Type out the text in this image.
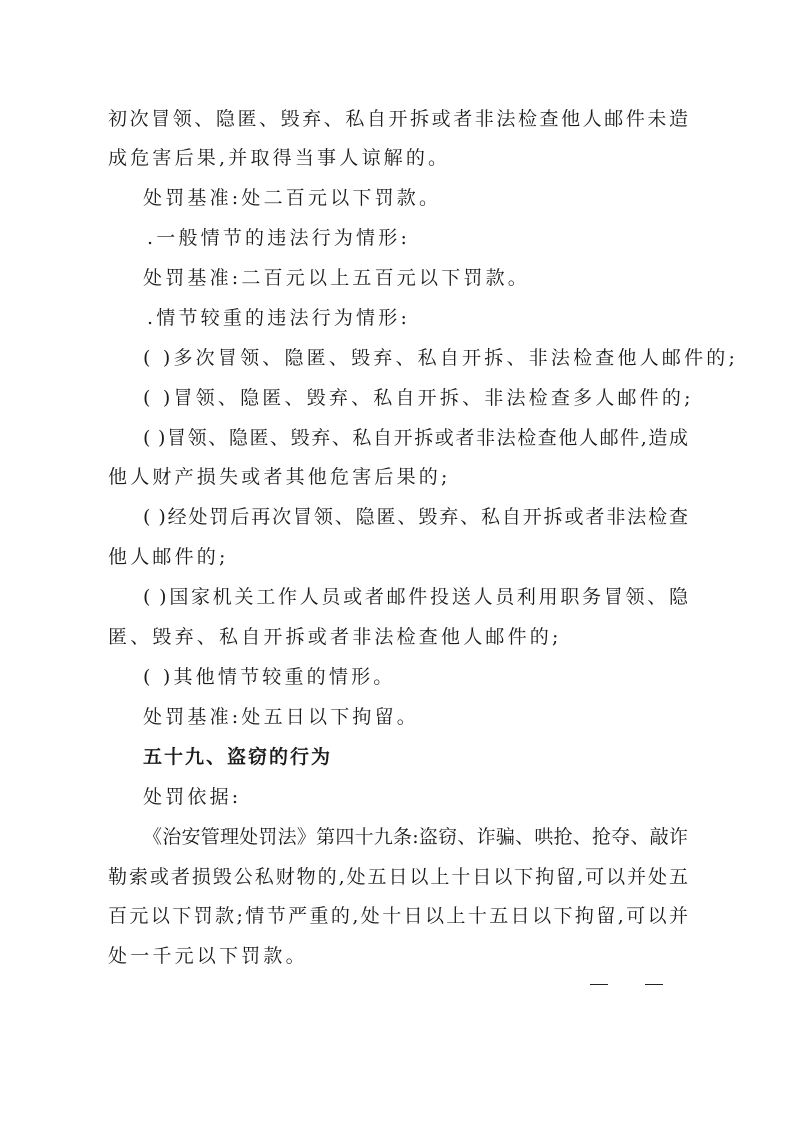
初次冒领、隐匿、毁弃、私自开拆或者非法检查他人邮件未造
成危害后果,并取得当事人谅解的。
处罚基准:处二百元以下罚款。
.一般情节的违法行为情形:
处罚基准:二百元以上五百元以下罚款。
.情节较重的违法行为情形:
( )多次冒领、隐匿、毁弃、私自开拆、非法检查他人邮件的;
( )冒领、隐匿、毁弃、私自开拆、非法检查多人邮件的;
( )冒领、隐匿、毁弃、私自开拆或者非法检查他人邮件,造成
他人财产损失或者其他危害后果的;
( )经处罚后再次冒领、隐匿、毁弃、私自开拆或者非法检查
他人邮件的;
( )国家机关工作人员或者邮件投送人员利用职务冒领、隐
匿、毁弃、私自开拆或者非法检查他人邮件的;
( )其他情节较重的情形。
处罚基准:处五日以下拘留。
五十九、盗窃的行为
处罚依据:
《治安管理处罚法》第四十九条:盗窃、诈骗、哄抢、抢夺、敲诈
勒索或者损毁公私财物的,处五日以上十日以下拘留,可以并处五
百元以下罚款;情节严重的,处十日以上十五日以下拘留,可以并
处一千元以下罚款。
